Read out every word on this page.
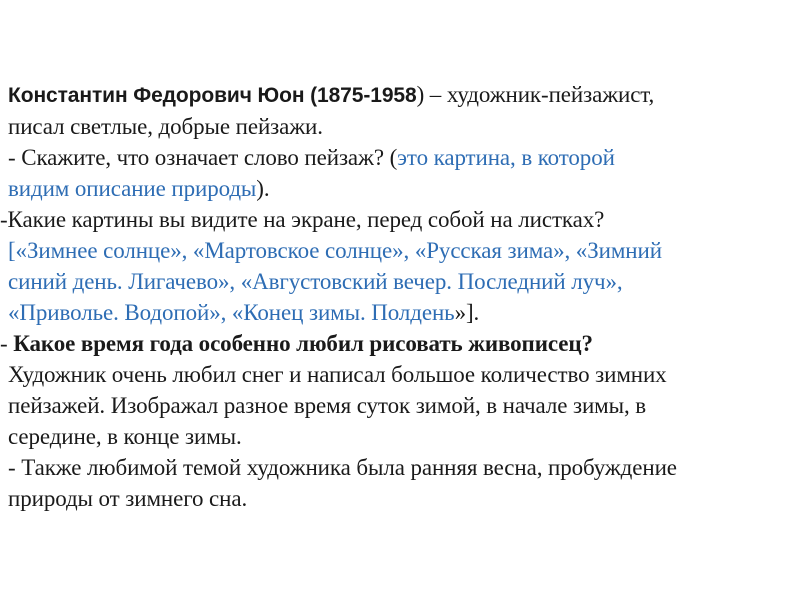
Константин Федорович Юон (1875-1958) – художник-пейзажист,
писал светлые, добрые пейзажи.
- Скажите, что означает слово пейзаж? (это картина, в которой
видим описание природы).
-Какие картины вы видите на экране, перед собой на листках?
[«Зимнее солнце», «Мартовское солнце», «Русская зима», «Зимний
синий день. Лигачево», «Августовский вечер. Последний луч»,
«Приволье. Водопой», «Конец зимы. Полдень»].
- Какое время года особенно любил рисовать живописец?
Художник очень любил снег и написал большое количество зимних
пейзажей. Изображал разное время суток зимой, в начале зимы, в
середине, в конце зимы.
- Также любимой темой художника была ранняя весна, пробуждение
природы от зимнего сна.
